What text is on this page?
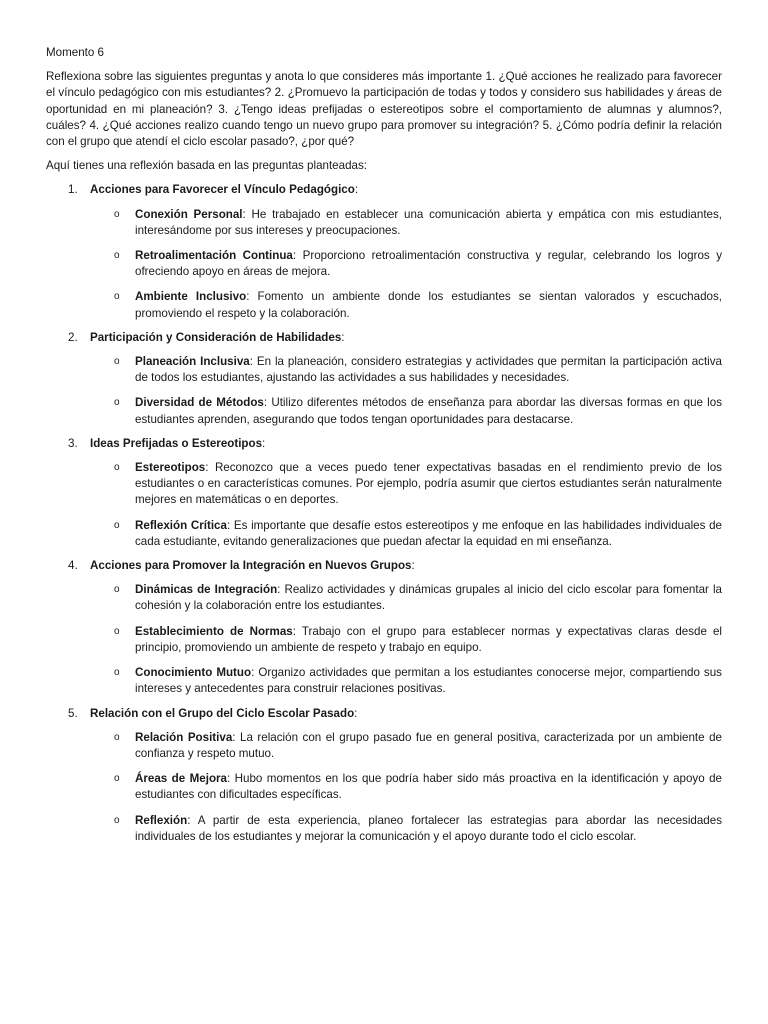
Momento 6

Reflexiona sobre las siguientes preguntas y anota lo que consideres más importante 1. ¿Qué acciones he realizado para favorecer el vínculo pedagógico con mis estudiantes? 2. ¿Promuevo la participación de todas y todos y considero sus habilidades y áreas de oportunidad en mi planeación? 3. ¿Tengo ideas prefijadas o estereotipos sobre el comportamiento de alumnas y alumnos?, cuáles? 4. ¿Qué acciones realizo cuando tengo un nuevo grupo para promover su integración? 5. ¿Cómo podría definir la relación con el grupo que atendí el ciclo escolar pasado?, ¿por qué?

Aquí tienes una reflexión basada en las preguntas planteadas:

1.	Acciones para Favorecer el Vínculo Pedagógico:
o	Conexión Personal: He trabajado en establecer una comunicación abierta y empática con mis estudiantes, interesándome por sus intereses y preocupaciones.
o	Retroalimentación Continua: Proporciono retroalimentación constructiva y regular, celebrando los logros y ofreciendo apoyo en áreas de mejora.
o	Ambiente Inclusivo: Fomento un ambiente donde los estudiantes se sientan valorados y escuchados, promoviendo el respeto y la colaboración.
2.	Participación y Consideración de Habilidades:
o	Planeación Inclusiva: En la planeación, considero estrategias y actividades que permitan la participación activa de todos los estudiantes, ajustando las actividades a sus habilidades y necesidades.
o	Diversidad de Métodos: Utilizo diferentes métodos de enseñanza para abordar las diversas formas en que los estudiantes aprenden, asegurando que todos tengan oportunidades para destacarse.
3.	Ideas Prefijadas o Estereotipos:
o	Estereotipos: Reconozco que a veces puedo tener expectativas basadas en el rendimiento previo de los estudiantes o en características comunes. Por ejemplo, podría asumir que ciertos estudiantes serán naturalmente mejores en matemáticas o en deportes.
o	Reflexión Crítica: Es importante que desafíe estos estereotipos y me enfoque en las habilidades individuales de cada estudiante, evitando generalizaciones que puedan afectar la equidad en mi enseñanza.
4.	Acciones para Promover la Integración en Nuevos Grupos:
o	Dinámicas de Integración: Realizo actividades y dinámicas grupales al inicio del ciclo escolar para fomentar la cohesión y la colaboración entre los estudiantes.
o	Establecimiento de Normas: Trabajo con el grupo para establecer normas y expectativas claras desde el principio, promoviendo un ambiente de respeto y trabajo en equipo.
o	Conocimiento Mutuo: Organizo actividades que permitan a los estudiantes conocerse mejor, compartiendo sus intereses y antecedentes para construir relaciones positivas.
5.	Relación con el Grupo del Ciclo Escolar Pasado:
o	Relación Positiva: La relación con el grupo pasado fue en general positiva, caracterizada por un ambiente de confianza y respeto mutuo.
o	Áreas de Mejora: Hubo momentos en los que podría haber sido más proactiva en la identificación y apoyo de estudiantes con dificultades específicas.
o	Reflexión: A partir de esta experiencia, planeo fortalecer las estrategias para abordar las necesidades individuales de los estudiantes y mejorar la comunicación y el apoyo durante todo el ciclo escolar.
